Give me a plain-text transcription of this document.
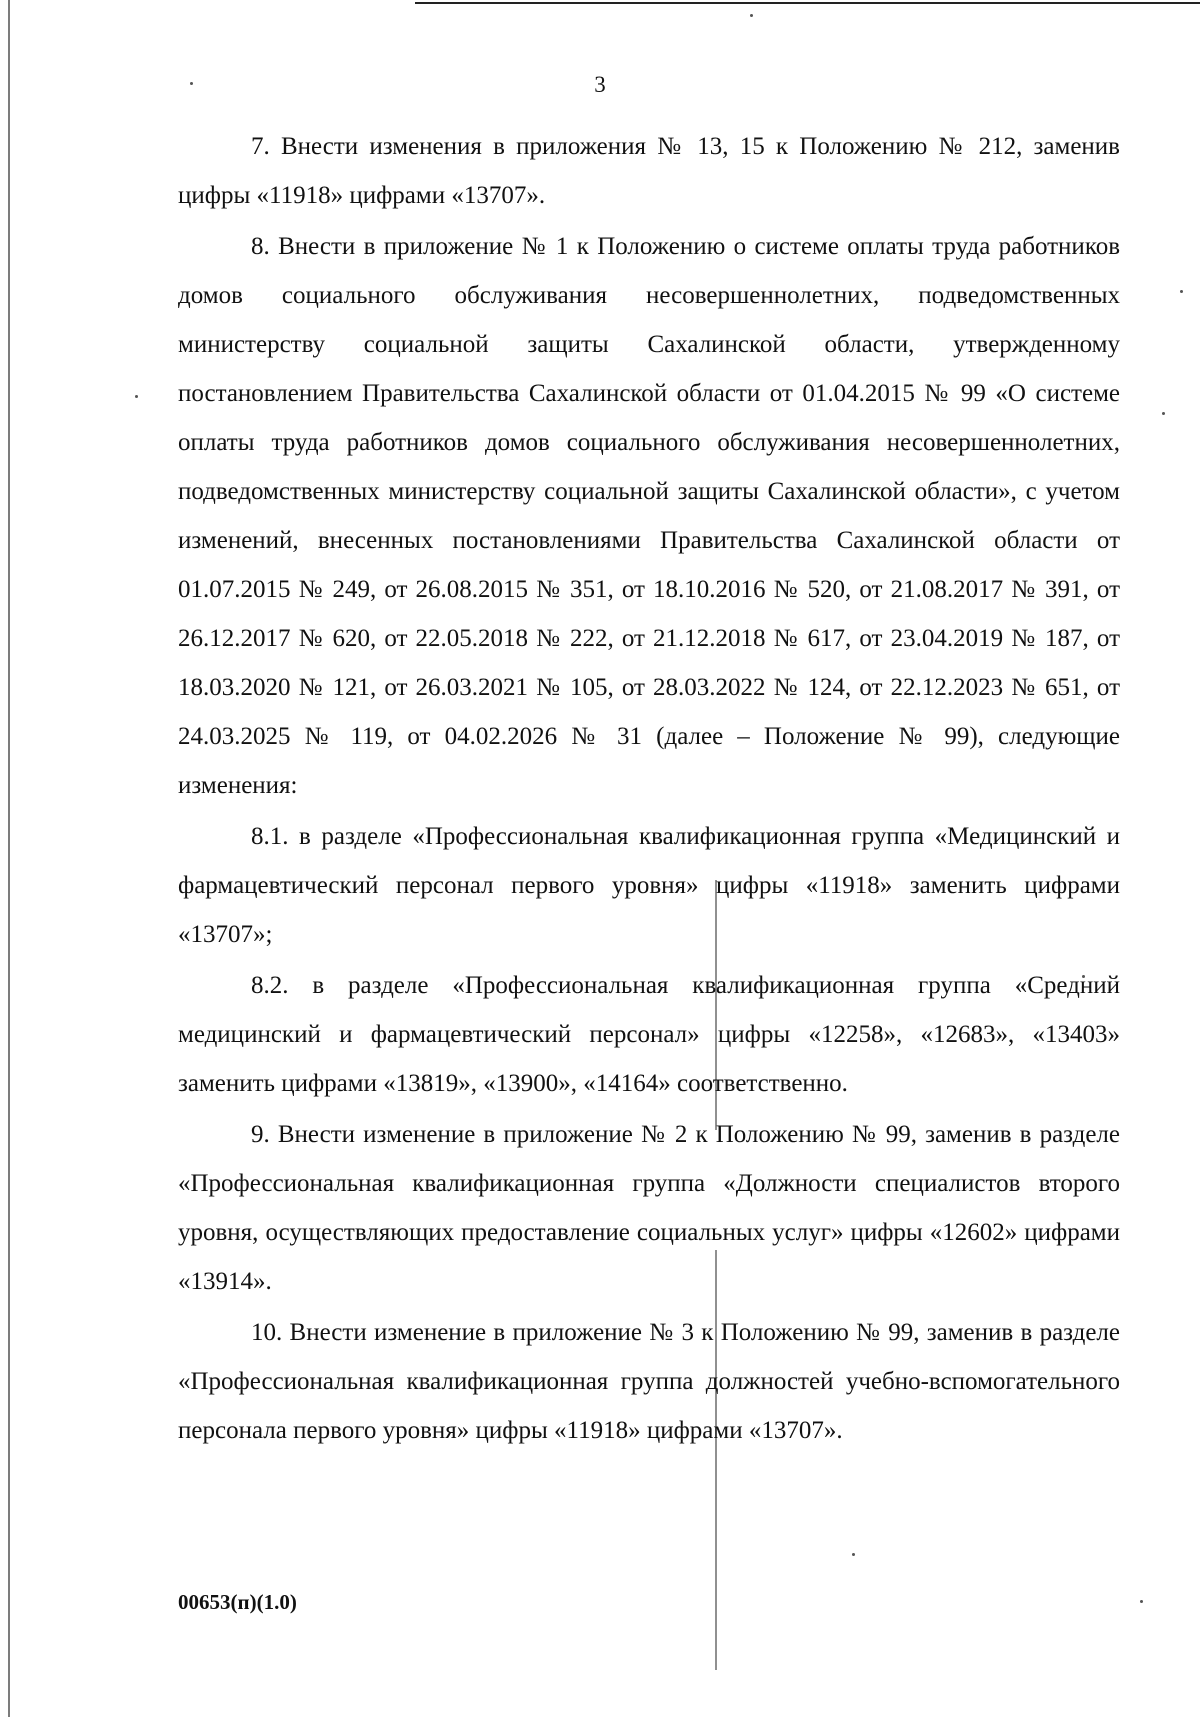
3

7. Внести изменения в приложения № 13, 15 к Положению № 212, заменив цифры «11918» цифрами «13707».

8. Внести в приложение № 1 к Положению о системе оплаты труда работников домов социального обслуживания несовершеннолетних, подведомственных министерству социальной защиты Сахалинской области, утвержденному постановлением Правительства Сахалинской области от 01.04.2015 № 99 «О системе оплаты труда работников домов социального обслуживания несовершеннолетних, подведомственных министерству социальной защиты Сахалинской области», с учетом изменений, внесенных постановлениями Правительства Сахалинской области от 01.07.2015 № 249, от 26.08.2015 № 351, от 18.10.2016 № 520, от 21.08.2017 № 391, от 26.12.2017 № 620, от 22.05.2018 № 222, от 21.12.2018 № 617, от 23.04.2019 № 187, от 18.03.2020 № 121, от 26.03.2021 № 105, от 28.03.2022 № 124, от 22.12.2023 № 651, от 24.03.2025 № 119, от 04.02.2026 № 31 (далее – Положение № 99), следующие изменения:

8.1. в разделе «Профессиональная квалификационная группа «Медицинский и фармацевтический персонал первого уровня» цифры «11918» заменить цифрами «13707»;

8.2. в разделе «Профессиональная квалификационная группа «Средний медицинский и фармацевтический персонал» цифры «12258», «12683», «13403» заменить цифрами «13819», «13900», «14164» соответственно.

9. Внести изменение в приложение № 2 к Положению № 99, заменив в разделе «Профессиональная квалификационная группа «Должности специалистов второго уровня, осуществляющих предоставление социальных услуг» цифры «12602» цифрами «13914».

10. Внести изменение в приложение № 3 к Положению № 99, заменив в разделе «Профессиональная квалификационная группа должностей учебно-вспомогательного персонала первого уровня» цифры «11918» цифрами «13707».

00653(п)(1.0)
